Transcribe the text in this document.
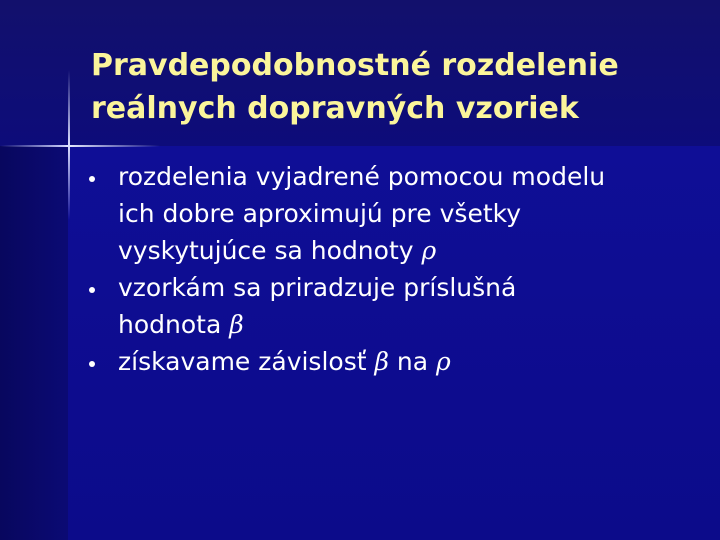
Pravdepodobnostné rozdelenie
reálnych dopravných vzoriek
rozdelenia vyjadrené pomocou modelu
ich dobre aproximujú pre všetky
vyskytujúce sa hodnoty ρ
vzorkám sa priradzuje príslušná
hodnota β
získavame závislosť β na ρ
